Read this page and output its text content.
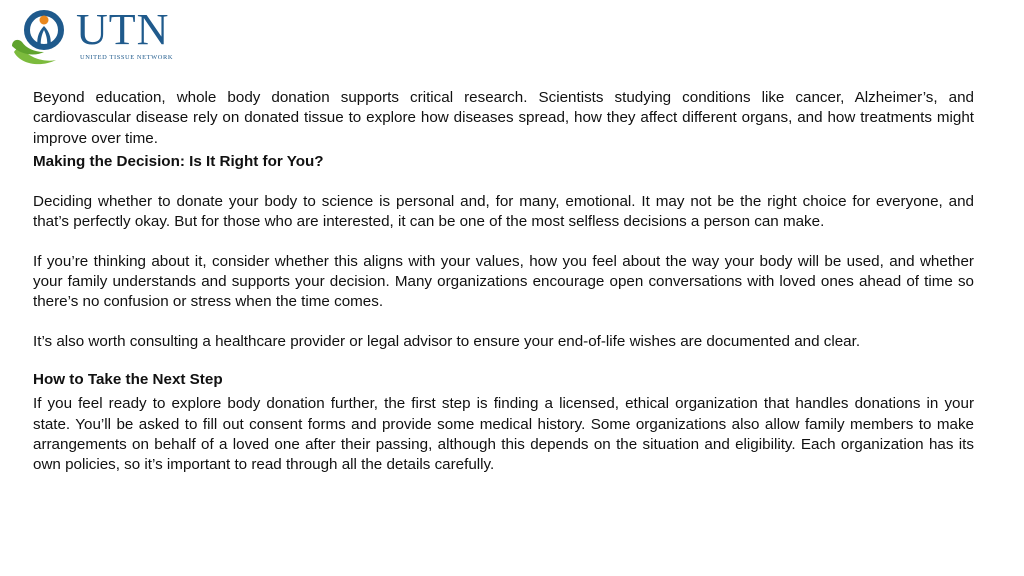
UTN
UNITED TISSUE NETWORK

Beyond education, whole body donation supports critical research. Scientists studying conditions like cancer, Alzheimer’s, and cardiovascular disease rely on donated tissue to explore how diseases spread, how they affect different organs, and how treatments might improve over time.

Making the Decision: Is It Right for You?

Deciding whether to donate your body to science is personal and, for many, emotional. It may not be the right choice for everyone, and that’s perfectly okay. But for those who are interested, it can be one of the most selfless decisions a person can make.

If you’re thinking about it, consider whether this aligns with your values, how you feel about the way your body will be used, and whether your family understands and supports your decision. Many organizations encourage open conversations with loved ones ahead of time so there’s no confusion or stress when the time comes.

It’s also worth consulting a healthcare provider or legal advisor to ensure your end-of-life wishes are documented and clear.

How to Take the Next Step

If you feel ready to explore body donation further, the first step is finding a licensed, ethical organization that handles donations in your state. You’ll be asked to fill out consent forms and provide some medical history. Some organizations also allow family members to make arrangements on behalf of a loved one after their passing, although this depends on the situation and eligibility. Each organization has its own policies, so it’s important to read through all the details carefully.
